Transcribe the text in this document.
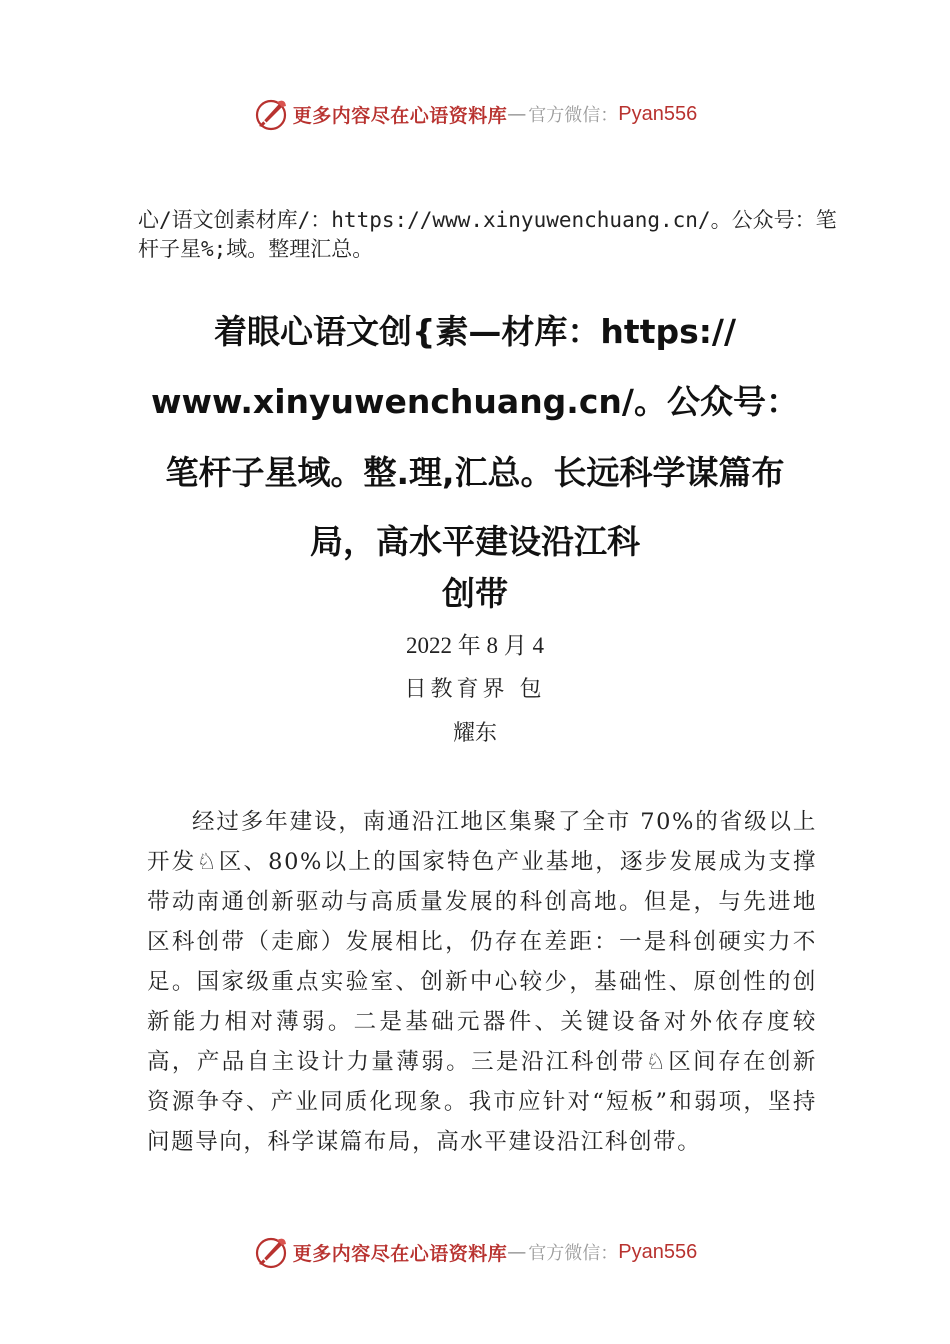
更多内容尽在心语资料库 — 官方微信： Pyan556
心/语文创素材库/：https://www.xinyuwenchuang.cn/。公众号：笔杆子星%;域。整理汇总。
着眼心语文创{素—材库：https://
www.xinyuwenchuang.cn/。公众号：
笔杆子星域。整.理,汇总。长远科学谋篇布
局，高水平建设沿江科
创带
2022 年 8 月 4
日教育界 包
耀东
经过多年建设，南通沿江地区集聚了全市 70%的省级以上开发♘区、80%以上的国家特色产业基地，逐步发展成为支撑带动南通创新驱动与高质量发展的科创高地。但是，与先进地区科创带（走廊）发展相比，仍存在差距：一是科创硬实力不足。国家级重点实验室、创新中心较少，基础性、原创性的创新能力相对薄弱。二是基础元器件、关键设备对外依存度较高，产品自主设计力量薄弱。三是沿江科创带♘区间存在创新资源争夺、产业同质化现象。我市应针对“短板”和弱项，坚持问题导向，科学谋篇布局，高水平建设沿江科创带。
更多内容尽在心语资料库 — 官方微信： Pyan556
